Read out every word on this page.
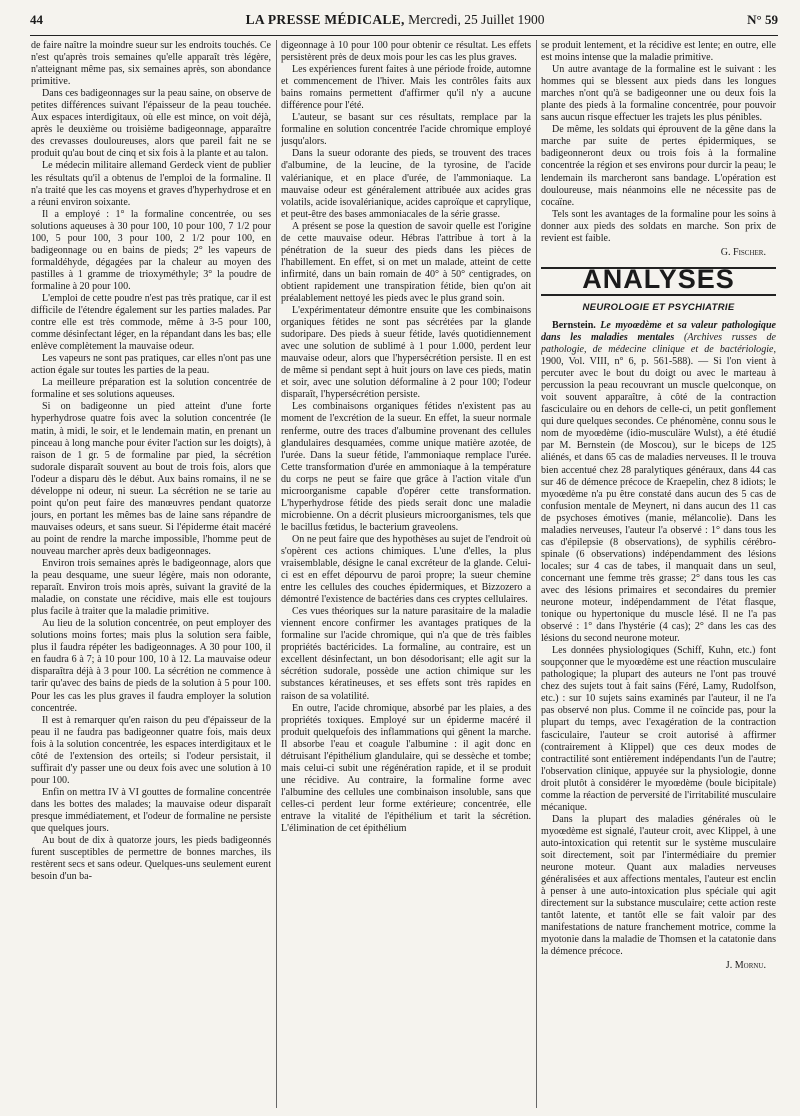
44	LA PRESSE MÉDICALE, Mercredi, 25 Juillet 1900	N° 59

de faire naître la moindre sueur sur les endroits touchés. Ce n'est qu'après trois semaines qu'elle apparaît très légère, n'atteignant même pas, six semaines après, son abondance primitive.

Dans ces badigeonnages sur la peau saine, on observe de petites différences suivant l'épaisseur de la peau touchée. Aux espaces interdigitaux, où elle est mince, on voit déjà, après le deuxième ou troisième badigeonnage, apparaître des crevasses douloureuses, alors que pareil fait ne se produit qu'au bout de cinq et six fois à la plante et au talon.

Le médecin militaire allemand Gerdeck vient de publier les résultats qu'il a obtenus de l'emploi de la formaline. Il n'a traité que les cas moyens et graves d'hyperhydrose et en a réuni environ soixante.

Il a employé : 1° la formaline concentrée, ou ses solutions aqueuses à 30 pour 100, 10 pour 100, 7 1/2 pour 100, 5 pour 100, 3 pour 100, 2 1/2 pour 100, en badigeonnage ou en bains de pieds; 2° les vapeurs de formaldéhyde, dégagées par la chaleur au moyen des pastilles à 1 gramme de trioxyméthyle; 3° la poudre de formaline à 20 pour 100.

L'emploi de cette poudre n'est pas très pratique, car il est difficile de l'étendre également sur les parties malades. Par contre elle est très commode, même à 3-5 pour 100, comme désinfectant léger, en la répandant dans les bas; elle enlève complètement la mauvaise odeur.

Les vapeurs ne sont pas pratiques, car elles n'ont pas une action égale sur toutes les parties de la peau.

La meilleure préparation est la solution concentrée de formaline et ses solutions aqueuses.

Si on badigeonne un pied atteint d'une forte hyperhydrose quatre fois avec la solution concentrée (le matin, à midi, le soir, et le lendemain matin, en prenant un pinceau à long manche pour éviter l'action sur les doigts), à raison de 1 gr. 5 de formaline par pied, la sécrétion sudorale disparaît souvent au bout de trois fois, alors que l'odeur a disparu dès le début. Aux bains romains, il ne se développe ni odeur, ni sueur. La sécrétion ne se tarie au point qu'on peut faire des manœuvres pendant quatorze jours, en portant les mêmes bas de laine sans répandre de mauvaises odeurs, et sans sueur. Si l'épiderme était macéré au point de rendre la marche impossible, l'homme peut de nouveau marcher après deux badigeonnages.

Environ trois semaines après le badigeonnage, alors que la peau desquame, une sueur légère, mais non odorante, reparaît. Environ trois mois après, suivant la gravité de la maladie, on constate une récidive, mais elle est toujours plus facile à traiter que la maladie primitive.

Au lieu de la solution concentrée, on peut employer des solutions moins fortes; mais plus la solution sera faible, plus il faudra répéter les badigeonnages. A 30 pour 100, il en faudra 6 à 7; à 10 pour 100, 10 à 12. La mauvaise odeur disparaîtra déjà à 3 pour 100. La sécrétion ne commence à tarir qu'avec des bains de pieds de la solution à 5 pour 100. Pour les cas les plus graves il faudra employer la solution concentrée.

Il est à remarquer qu'en raison du peu d'épaisseur de la peau il ne faudra pas badigeonner quatre fois, mais deux fois à la solution concentrée, les espaces interdigitaux et le côté de l'extension des orteils; si l'odeur persistait, il suffirait d'y passer une ou deux fois avec une solution à 10 pour 100.

Enfin on mettra IV à VI gouttes de formaline concentrée dans les bottes des malades; la mauvaise odeur disparaît presque immédiatement, et l'odeur de formaline ne persiste que quelques jours.

Au bout de dix à quatorze jours, les pieds badigeonnés furent susceptibles de permettre de bonnes marches, ils restèrent secs et sans odeur. Quelques-uns seulement eurent besoin d'un ba-

digeonnage à 10 pour 100 pour obtenir ce résultat. Les effets persistèrent près de deux mois pour les cas les plus graves.

Les expériences furent faites à une période froide, automne et commencement de l'hiver. Mais les contrôles faits aux bains romains permettent d'affirmer qu'il n'y a aucune différence pour l'été.

L'auteur, se basant sur ces résultats, remplace par la formaline en solution concentrée l'acide chromique employé jusqu'alors.

Dans la sueur odorante des pieds, se trouvent des traces d'albumine, de la leucine, de la tyrosine, de l'acide valérianique, et en place d'urée, de l'ammoniaque. La mauvaise odeur est généralement attribuée aux acides gras volatils, acide isovalérianique, acides caproïque et caprylique, et peut-être des bases ammoniacales de la série grasse.

A présent se pose la question de savoir quelle est l'origine de cette mauvaise odeur. Hébras l'attribue à tort à la pénétration de la sueur des pieds dans les pièces de l'habillement. En effet, si on met un malade, atteint de cette infirmité, dans un bain romain de 40° à 50° centigrades, on obtient rapidement une transpiration fétide, bien qu'on ait préalablement nettoyé les pieds avec le plus grand soin.

L'expérimentateur démontre ensuite que les combinaisons organiques fétides ne sont pas sécrétées par la glande sudoripare. Des pieds à sueur fétide, lavés quotidiennement avec une solution de sublimé à 1 pour 1.000, perdent leur mauvaise odeur, alors que l'hypersécrétion persiste. Il en est de même si pendant sept à huit jours on lave ces pieds, matin et soir, avec une solution déformaline à 2 pour 100; l'odeur disparaît, l'hypersécrétion persiste.

Les combinaisons organiques fétides n'existent pas au moment de l'excrétion de la sueur. En effet, la sueur normale renferme, outre des traces d'albumine provenant des cellules glandulaires desquamées, comme unique matière azotée, de l'urée. Dans la sueur fétide, l'ammoniaque remplace l'urée. Cette transformation d'urée en ammoniaque à la température du corps ne peut se faire que grâce à l'action vitale d'un microorganisme capable d'opérer cette transformation. L'hyperhydrose fétide des pieds serait donc une maladie microbienne. On a décrit plusieurs microorganismes, tels que le bacillus fœtidus, le bacterium graveolens.

On ne peut faire que des hypothèses au sujet de l'endroit où s'opèrent ces actions chimiques. L'une d'elles, la plus vraisemblable, désigne le canal excréteur de la glande. Celui-ci est en effet dépourvu de paroi propre; la sueur chemine entre les cellules des couches épidermiques, et Bizzozero a démontré l'existence de bactéries dans ces cryptes cellulaires.

Ces vues théoriques sur la nature parasitaire de la maladie viennent encore confirmer les avantages pratiques de la formaline sur l'acide chromique, qui n'a que de très faibles propriétés bactéricides. La formaline, au contraire, est un excellent désinfectant, un bon désodorisant; elle agit sur la sécrétion sudorale, possède une action chimique sur les substances kératineuses, et ses effets sont très rapides en raison de sa volatilité.

En outre, l'acide chromique, absorbé par les plaies, a des propriétés toxiques. Employé sur un épiderme macéré il produit quelquefois des inflammations qui gênent la marche. Il absorbe l'eau et coagule l'albumine : il agit donc en détruisant l'épithélium glandulaire, qui se dessèche et tombe; mais celui-ci subit une régénération rapide, et il se produit une récidive. Au contraire, la formaline forme avec l'albumine des cellules une combinaison insoluble, sans que celles-ci perdent leur forme extérieure; concentrée, elle entrave la vitalité de l'épithélium et tarit la sécrétion. L'élimination de cet épithélium

se produit lentement, et la récidive est lente; en outre, elle est moins intense que la maladie primitive.

Un autre avantage de la formaline est le suivant : les hommes qui se blessent aux pieds dans les longues marches n'ont qu'à se badigeonner une ou deux fois la plante des pieds à la formaline concentrée, pour pouvoir sans aucun risque effectuer les trajets les plus pénibles.

De même, les soldats qui éprouvent de la gêne dans la marche par suite de pertes épidermiques, se badigeonneront deux ou trois fois à la formaline concentrée la région et ses environs pour durcir la peau; le lendemain ils marcheront sans bandage. L'opération est douloureuse, mais néanmoins elle ne nécessite pas de cocaïne.

Tels sont les avantages de la formaline pour les soins à donner aux pieds des soldats en marche. Son prix de revient est faible.

G. Fischer.
ANALYSES
NEUROLOGIE ET PSYCHIATRIE

Bernstein. Le myoœdème et sa valeur pathologique dans les maladies mentales (Archives russes de pathologie, de médecine clinique et de bactériologie, 1900, Vol. VIII, n° 6, p. 561-588). — Si l'on vient à percuter avec le bout du doigt ou avec le marteau à percussion la peau recouvrant un muscle quelconque, on voit souvent apparaître, à côté de la contraction fasciculaire ou en dehors de celle-ci, un petit gonflement qui dure quelques secondes. Ce phénomène, connu sous le nom de myoœdème (idio-musculäre Wulst), a été étudié par M. Bernstein (de Moscou), sur le biceps de 125 aliénés, et dans 65 cas de maladies nerveuses. Il le trouva bien accentué chez 28 paralytiques généraux, dans 44 cas sur 46 de démence précoce de Kraepelin, chez 8 idiots; le myoœdème n'a pu être constaté dans aucun des 5 cas de confusion mentale de Meynert, ni dans aucun des 11 cas de psychoses émotives (manie, mélancolie). Dans les maladies nerveuses, l'auteur l'a observé : 1° dans tous les cas d'épilepsie (8 observations), de syphilis cérébro-spinale (6 observations) indépendamment des lésions locales; sur 4 cas de tabes, il manquait dans un seul, concernant une femme très grasse; 2° dans tous les cas avec des lésions primaires et secondaires du premier neurone moteur, indépendamment de l'état flasque, tonique ou hypertonique du muscle lésé. Il ne l'a pas observé : 1° dans l'hystérie (4 cas); 2° dans les cas des lésions du second neurone moteur.

Les données physiologiques (Schiff, Kuhn, etc.) font soupçonner que le myoœdème est une réaction musculaire pathologique; la plupart des auteurs ne l'ont pas trouvé chez des sujets tout à fait sains (Féré, Lamy, Rudolfson, etc.) : sur 10 sujets sains examinés par l'auteur, il ne l'a pas observé non plus. Comme il ne coïncide pas, pour la plupart du temps, avec l'exagération de la contraction fasciculaire, l'auteur se croit autorisé à affirmer (contrairement à Klippel) que ces deux modes de contractilité sont entièrement indépendants l'un de l'autre; l'observation clinique, appuyée sur la physiologie, donne droit plutôt à considérer le myoœdème (boule bicipitale) comme la réaction de perversité de l'irritabilité musculaire mécanique.

Dans la plupart des maladies générales où le myoœdème est signalé, l'auteur croit, avec Klippel, à une auto-intoxication qui retentit sur le système musculaire soit directement, soit par l'intermédiaire du premier neurone moteur. Quant aux maladies nerveuses généralisées et aux affections mentales, l'auteur est enclin à penser à une auto-intoxication plus spéciale qui agit directement sur la substance musculaire; cette action reste tantôt latente, et tantôt elle se fait valoir par des manifestations de nature franchement motrice, comme la myotonie dans la maladie de Thomsen et la catatonie dans la démence précoce.

J. Mornu.
